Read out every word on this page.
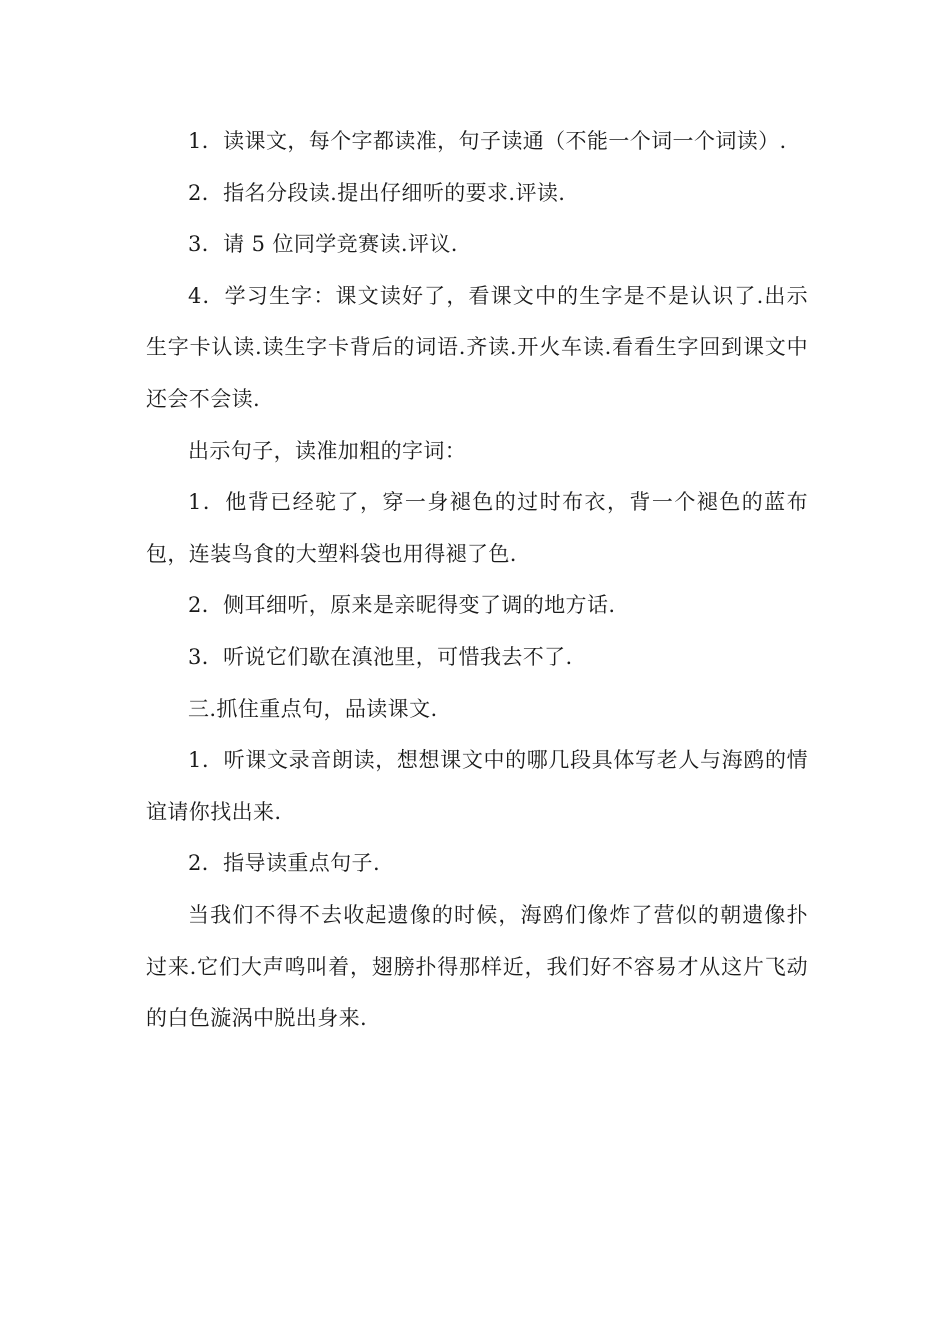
1．读课文，每个字都读准，句子读通（不能一个词一个词读）.

2．指名分段读.提出仔细听的要求.评读.

3．请 5 位同学竞赛读.评议.

4．学习生字：课文读好了，看课文中的生字是不是认识了.出示生字卡认读.读生字卡背后的词语.齐读.开火车读.看看生字回到课文中还会不会读.

出示句子，读准加粗的字词：

1．他背已经驼了，穿一身褪色的过时布衣，背一个褪色的蓝布包，连装鸟食的大塑料袋也用得褪了色.

2．侧耳细听，原来是亲昵得变了调的地方话.

3．听说它们歇在滇池里，可惜我去不了.

三.抓住重点句，品读课文.

1．听课文录音朗读，想想课文中的哪几段具体写老人与海鸥的情谊请你找出来.

2．指导读重点句子.

当我们不得不去收起遗像的时候，海鸥们像炸了营似的朝遗像扑过来.它们大声鸣叫着，翅膀扑得那样近，我们好不容易才从这片飞动的白色漩涡中脱出身来.
